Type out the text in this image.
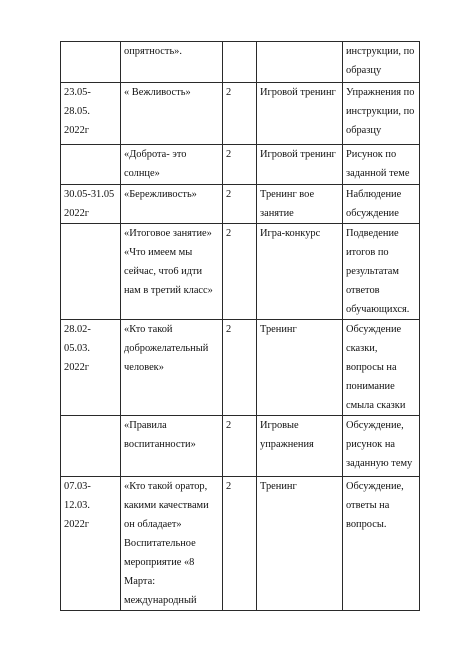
	опрятность».			инструкции, по образцу

23.05-
28.05.
2022г	« Вежливость»	2	Игровой тренинг	Упражнения по инструкции, по образцу

	«Доброта- это солнце»	2	Игровой тренинг	Рисунок по заданной теме

30.05-31.05
2022г	«Бережливость»	2	Тренинг вое занятие	Наблюдение обсуждение

	«Итоговое занятие» «Что имеем мы сейчас, что6 идти нам в третий класс»	2	Игра-конкурс	Подведение итогов по результатам ответов обучающихся.

28.02-
05.03.
2022г	«Кто такой доброжелательный человек»	2	Тренинг	Обсуждение сказки, вопросы на понимание смыла сказки

	«Правила воспитанности»	2	Игровые упражнения	Обсуждение, рисунок на заданную тему

07.03-
12.03.
2022г	«Кто такой оратор, какими качествами он обладает» Воспитательное мероприятие «8 Марта: международный	2	Тренинг	Обсуждение, ответы на вопросы.
